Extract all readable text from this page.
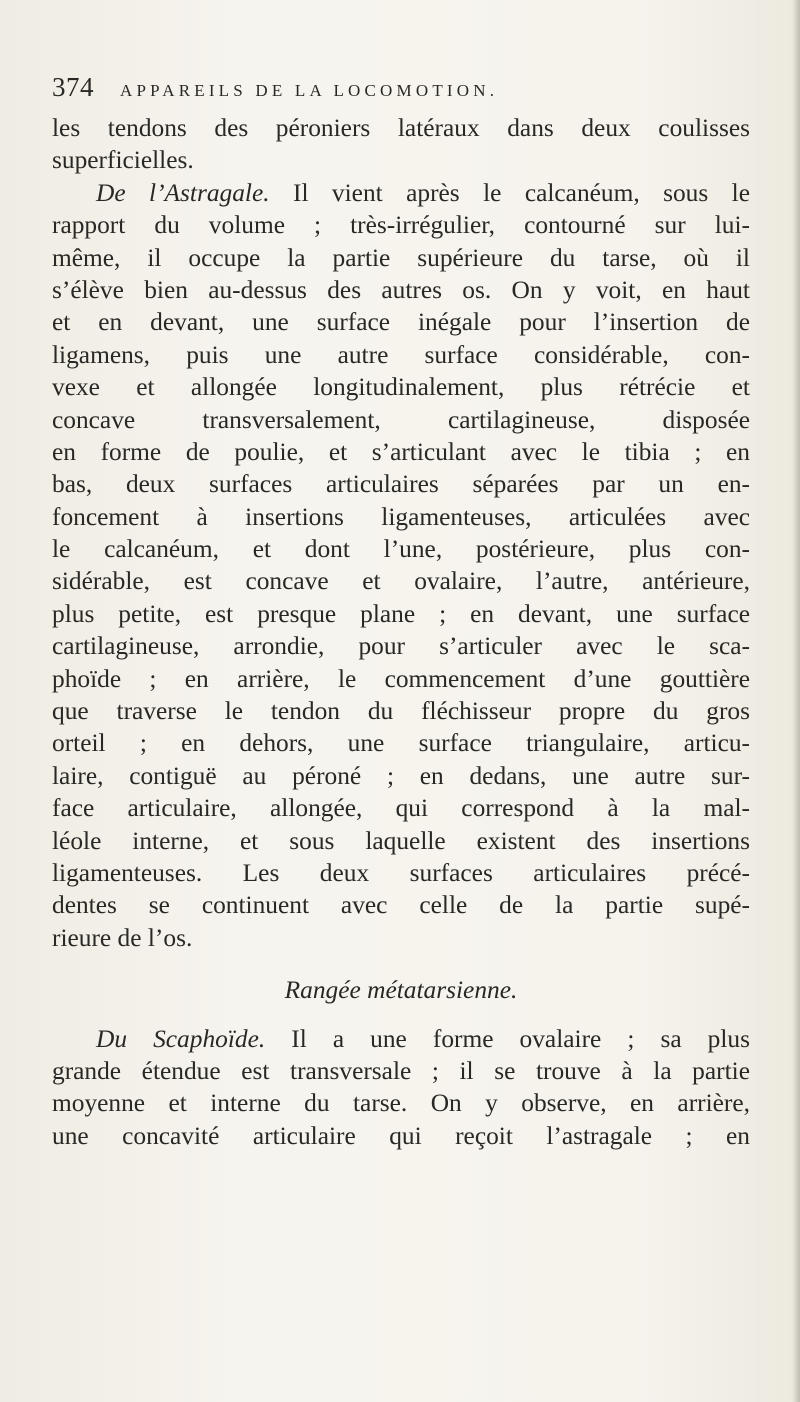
374 APPAREILS DE LA LOCOMOTION.
les tendons des péroniers latéraux dans deux coulisses
superficielles.
De l’Astragale. Il vient après le calcanéum, sous le
rapport du volume ; très-irrégulier, contourné sur lui-
même, il occupe la partie supérieure du tarse, où il
s’élève bien au-dessus des autres os. On y voit, en haut
et en devant, une surface inégale pour l’insertion de
ligamens, puis une autre surface considérable, con-
vexe et allongée longitudinalement, plus rétrécie et
concave transversalement, cartilagineuse, disposée
en forme de poulie, et s’articulant avec le tibia ; en
bas, deux surfaces articulaires séparées par un en-
foncement à insertions ligamenteuses, articulées avec
le calcanéum, et dont l’une, postérieure, plus con-
sidérable, est concave et ovalaire, l’autre, antérieure,
plus petite, est presque plane ; en devant, une surface
cartilagineuse, arrondie, pour s’articuler avec le sca-
phoïde ; en arrière, le commencement d’une gouttière
que traverse le tendon du fléchisseur propre du gros
orteil ; en dehors, une surface triangulaire, articu-
laire, contiguë au péroné ; en dedans, une autre sur-
face articulaire, allongée, qui correspond à la mal-
léole interne, et sous laquelle existent des insertions
ligamenteuses. Les deux surfaces articulaires précé-
dentes se continuent avec celle de la partie supé-
rieure de l’os.
Rangée métatarsienne.
Du Scaphoïde. Il a une forme ovalaire ; sa plus
grande étendue est transversale ; il se trouve à la partie
moyenne et interne du tarse. On y observe, en arrière,
une concavité articulaire qui reçoit l’astragale ; en
